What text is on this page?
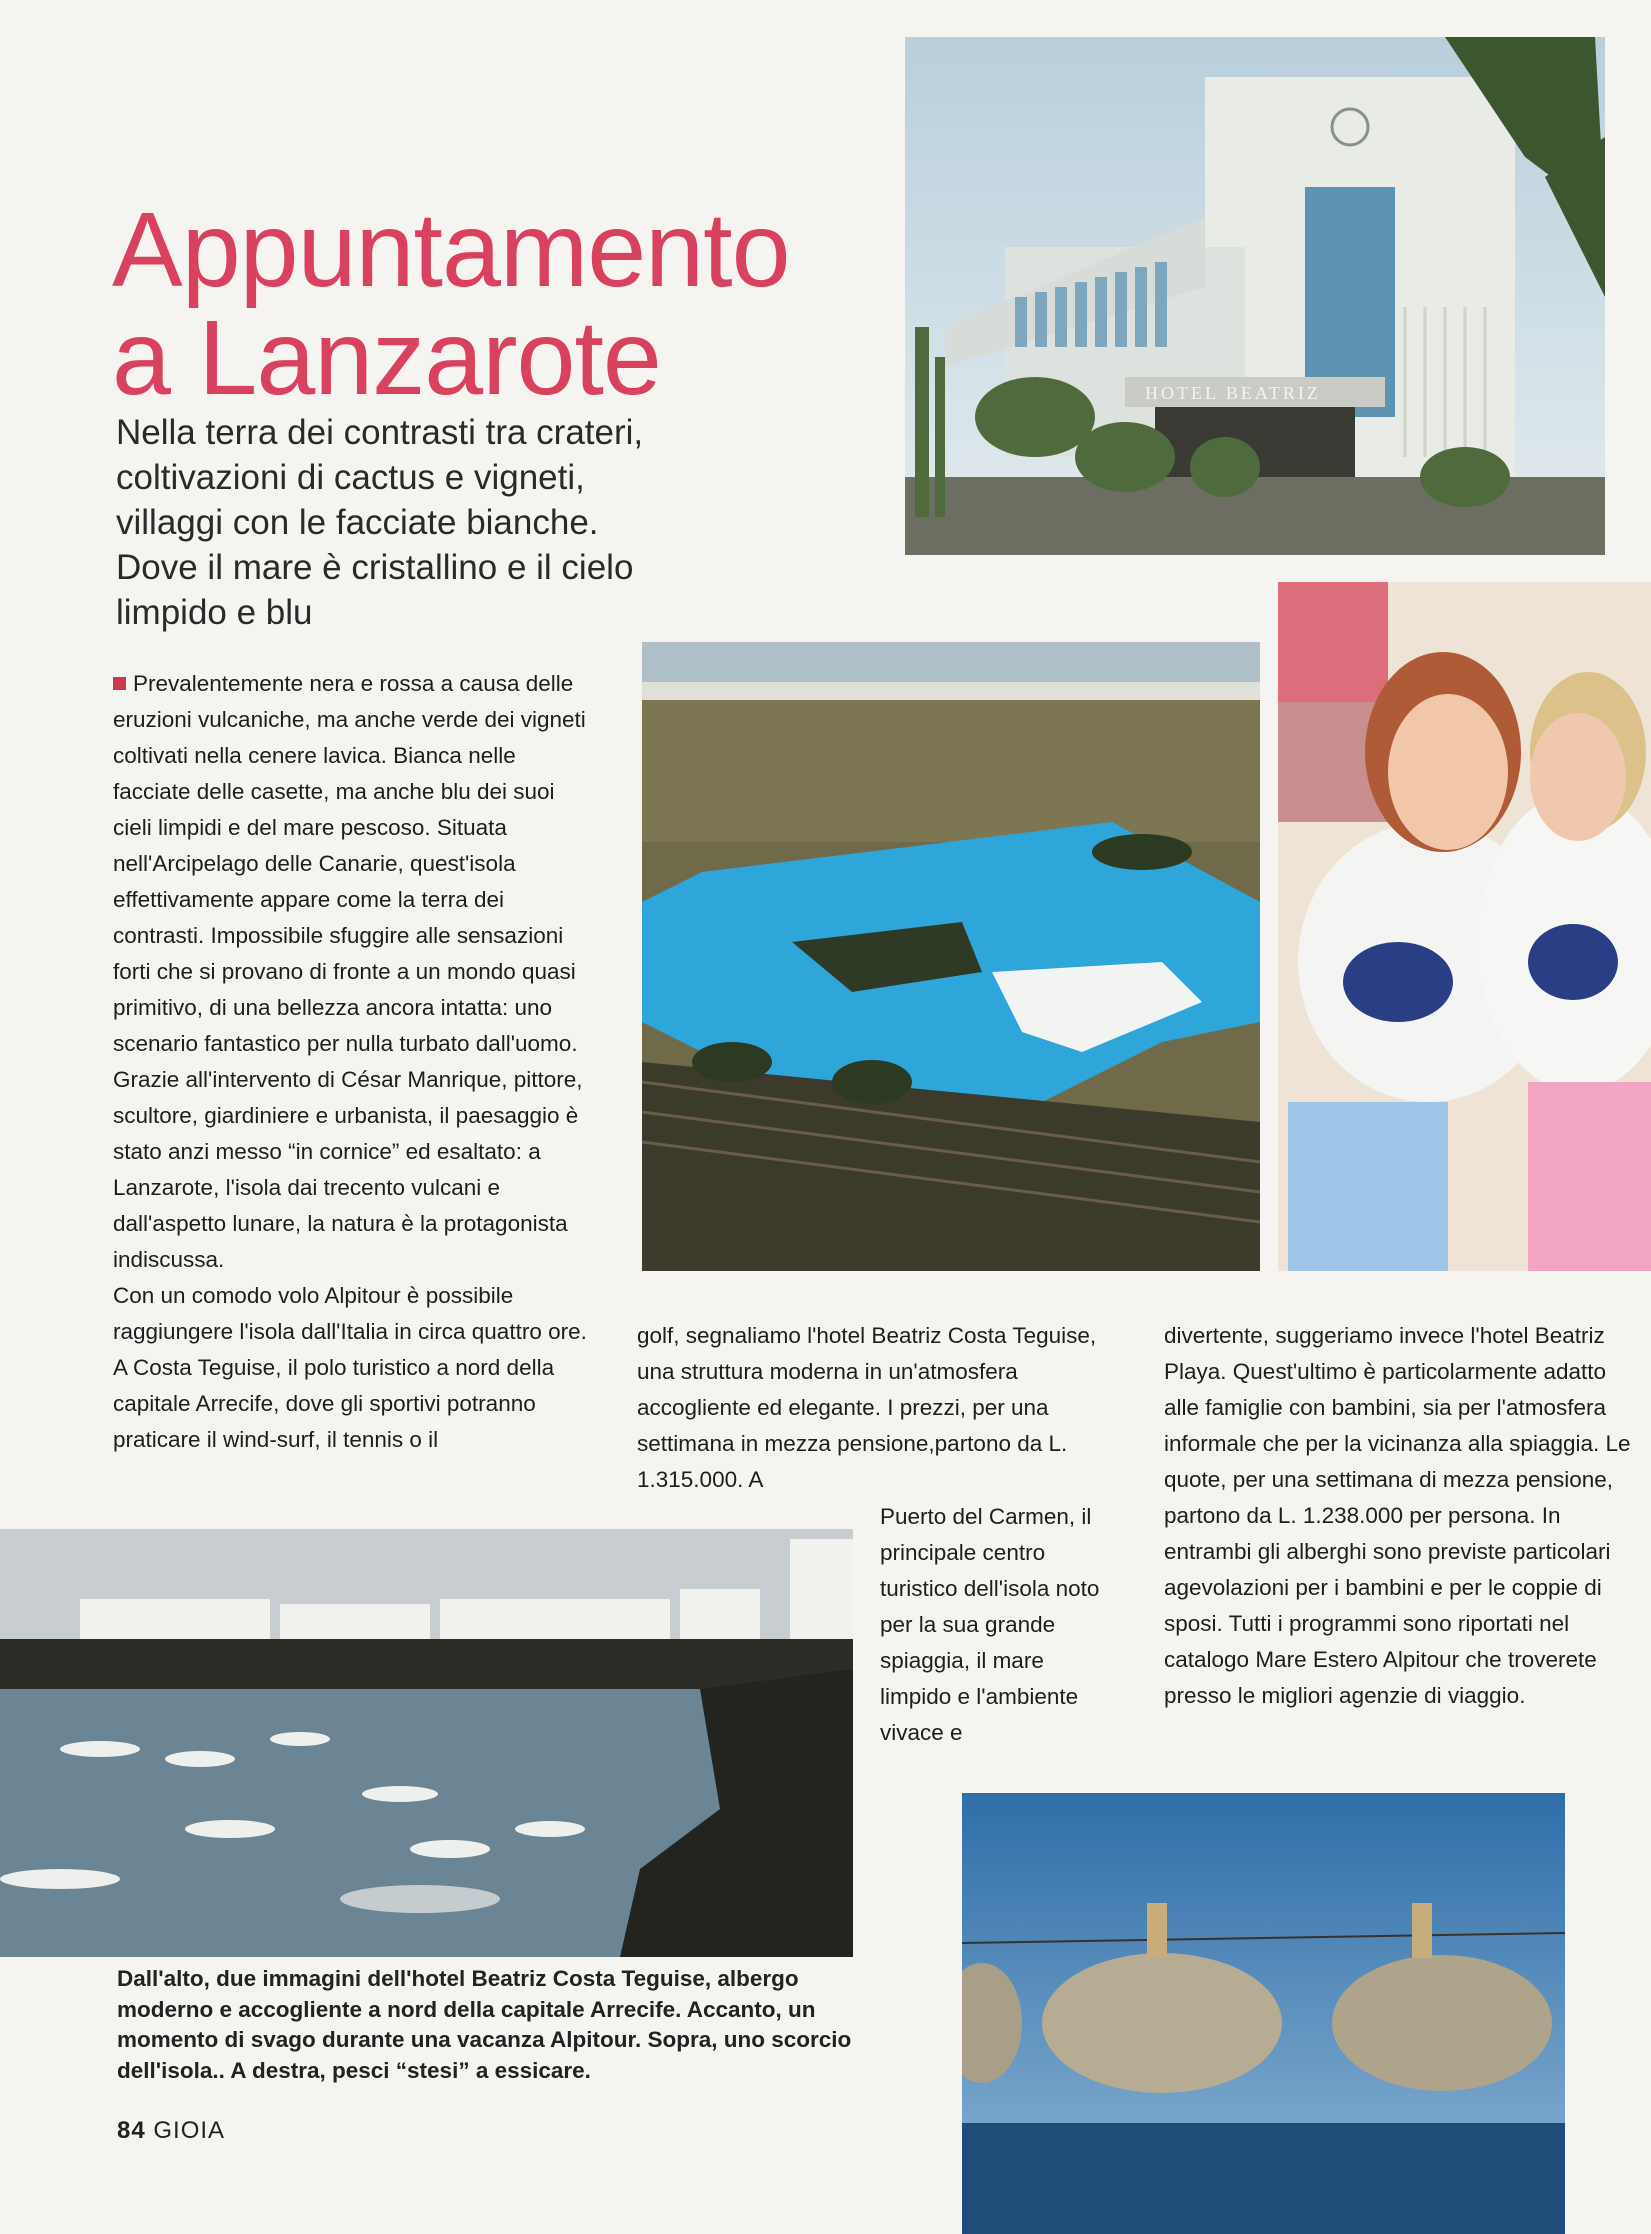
Appuntamento
a Lanzarote
Nella terra dei contrasti tra crateri, coltivazioni di cactus e vigneti, villaggi con le facciate bianche. Dove il mare è cristallino e il cielo limpido e blu
Prevalentemente nera e rossa a causa delle eruzioni vulcaniche, ma anche verde dei vigneti coltivati nella cenere lavica. Bianca nelle facciate delle casette, ma anche blu dei suoi cieli limpidi e del mare pescoso. Situata nell'Arcipelago delle Canarie, quest'isola effettivamente appare come la terra dei contrasti. Impossibile sfuggire alle sensazioni forti che si provano di fronte a un mondo quasi primitivo, di una bellezza ancora intatta: uno scenario fantastico per nulla turbato dall'uomo. Grazie all'intervento di César Manrique, pittore, scultore, giardiniere e urbanista, il paesaggio è stato anzi messo “in cornice” ed esaltato: a Lanzarote, l'isola dai trecento vulcani e dall'aspetto lunare, la natura è la protagonista indiscussa.
Con un comodo volo Alpitour è possibile raggiungere l'isola dall'Italia in circa quattro ore. A Costa Teguise, il polo turistico a nord della capitale Arrecife, dove gli sportivi potranno praticare il wind-surf, il tennis o il
golf, segnaliamo l'hotel Beatriz Costa Teguise, una struttura moderna in un'atmosfera accogliente ed elegante. I prezzi, per una settimana in mezza pensione,partono da L. 1.315.000. A
Puerto del Carmen, il principale centro turistico dell'isola noto per la sua grande spiaggia, il mare limpido e l'ambiente vivace e
divertente, suggeriamo invece l'hotel Beatriz Playa. Quest'ultimo è particolarmente adatto alle famiglie con bambini, sia per l'atmosfera informale che per la vicinanza alla spiaggia. Le quote, per una settimana di mezza pensione, partono da L. 1.238.000 per persona. In entrambi gli alberghi sono previste particolari agevolazioni per i bambini e per le coppie di sposi. Tutti i programmi sono riportati nel catalogo Mare Estero Alpitour che troverete presso le migliori agenzie di viaggio.
HOTEL BEATRIZ
Dall'alto, due immagini dell'hotel Beatriz Costa Teguise, albergo moderno e accogliente a nord della capitale Arrecife. Accanto, un momento di svago durante una vacanza Alpitour. Sopra, uno scorcio dell'isola.. A destra, pesci “stesi” a essicare.
84 GIOIA
